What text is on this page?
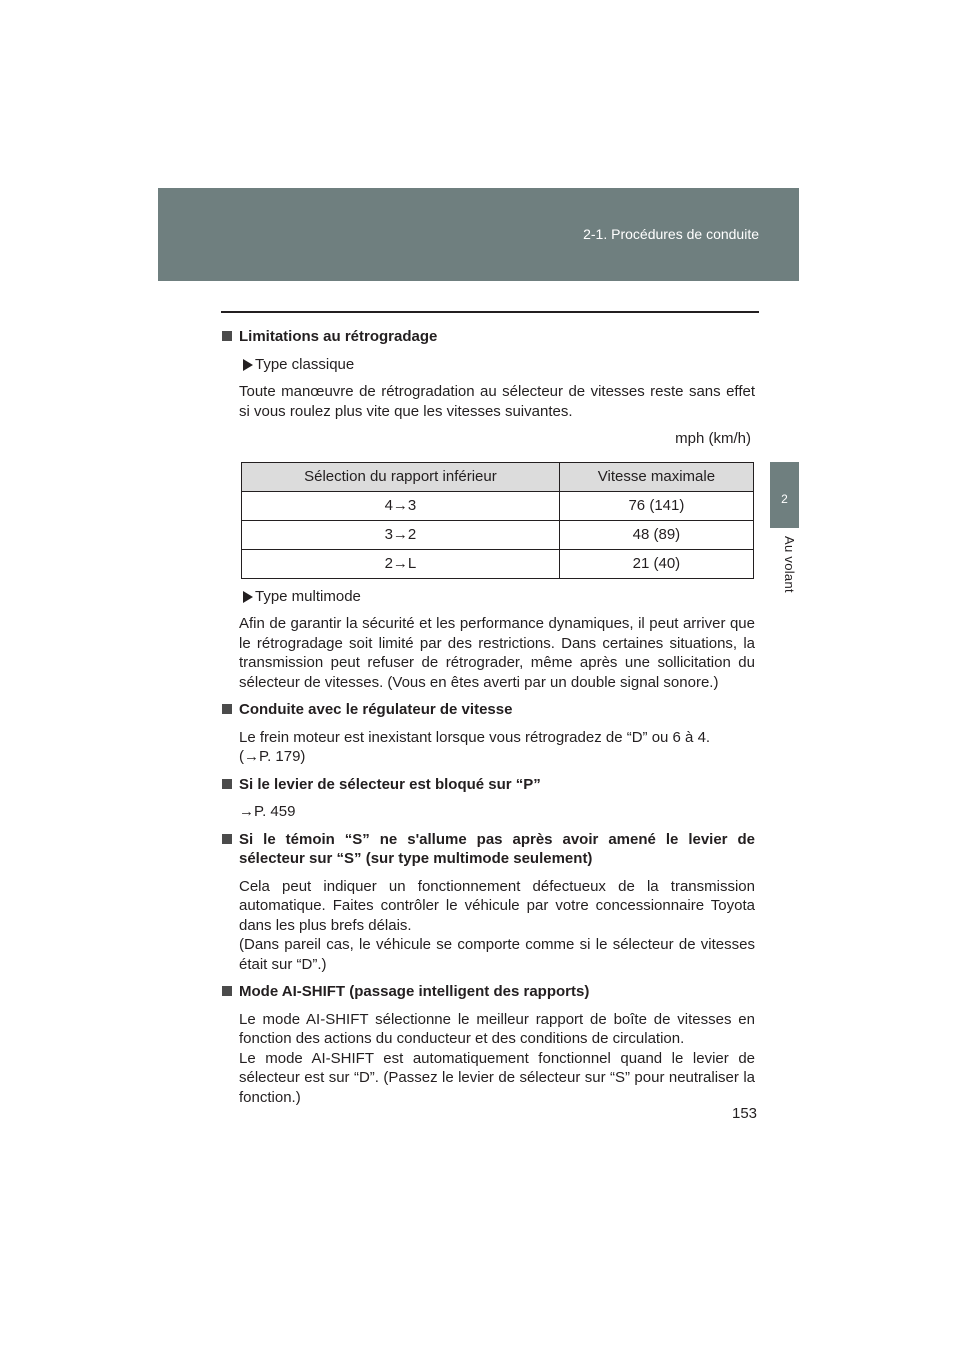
2-1. Procédures de conduite
2
Au volant
Limitations au rétrogradage
Type classique
Toute manœuvre de rétrogradation au sélecteur de vitesses reste sans effet si vous roulez plus vite que les vitesses suivantes.
mph (km/h)
Sélection du rapport inférieur	Vitesse maximale
4→3	76 (141)
3→2	48 (89)
2→L	21 (40)
Type multimode
Afin de garantir la sécurité et les performance dynamiques, il peut arriver que le rétrogradage soit limité par des restrictions. Dans certaines situations, la transmission peut refuser de rétrograder, même après une sollicitation du sélecteur de vitesses. (Vous en êtes averti par un double signal sonore.)
Conduite avec le régulateur de vitesse
Le frein moteur est inexistant lorsque vous rétrogradez de “D” ou 6 à 4.
(→P. 179)
Si le levier de sélecteur est bloqué sur “P”
→P. 459
Si le témoin “S” ne s'allume pas après avoir amené le levier de
sélecteur sur “S” (sur type multimode seulement)
Cela peut indiquer un fonctionnement défectueux de la transmission automatique. Faites contrôler le véhicule par votre concessionnaire Toyota dans les plus brefs délais.
(Dans pareil cas, le véhicule se comporte comme si le sélecteur de vitesses était sur “D”.)
Mode AI-SHIFT (passage intelligent des rapports)
Le mode AI-SHIFT sélectionne le meilleur rapport de boîte de vitesses en fonction des actions du conducteur et des conditions de circulation.
Le mode AI-SHIFT est automatiquement fonctionnel quand le levier de sélecteur est sur “D”. (Passez le levier de sélecteur sur “S” pour neutraliser la fonction.)
153
